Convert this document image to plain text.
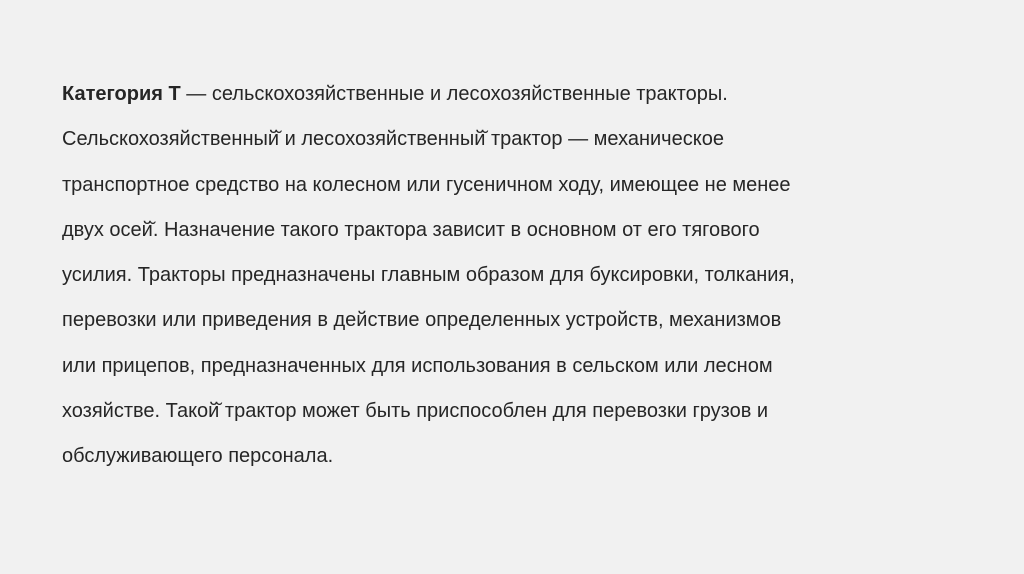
Категория T — сельскохозяйственные и лесохозяйственные тракторы.
Сельскохозяйственный̆ и лесохозяйственный̆ трактор — механическое
транспортное средство на колесном или гусеничном ходу, имеющее не менее
двух осей̆. Назначение такого трактора зависит в основном от его тягового
усилия. Тракторы предназначены главным образом для буксировки, толкания,
перевозки или приведения в действие определенных устройств, механизмов
или прицепов, предназначенных для использования в сельском или лесном
хозяйстве. Такой̆ трактор может быть приспособлен для перевозки грузов и
обслуживающего персонала.
